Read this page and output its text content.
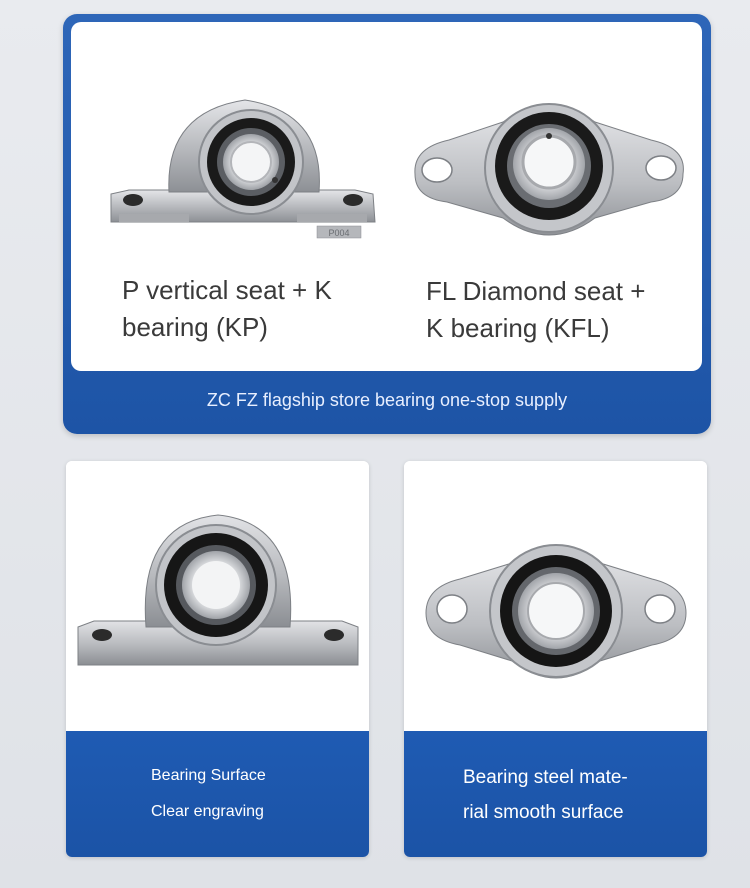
P004
P vertical seat + K
bearing (KP)
FL Diamond seat +
K bearing (KFL)
ZC FZ flagship store bearing one-stop supply
Bearing Surface
Clear engraving
Bearing steel mate-
rial smooth surface
